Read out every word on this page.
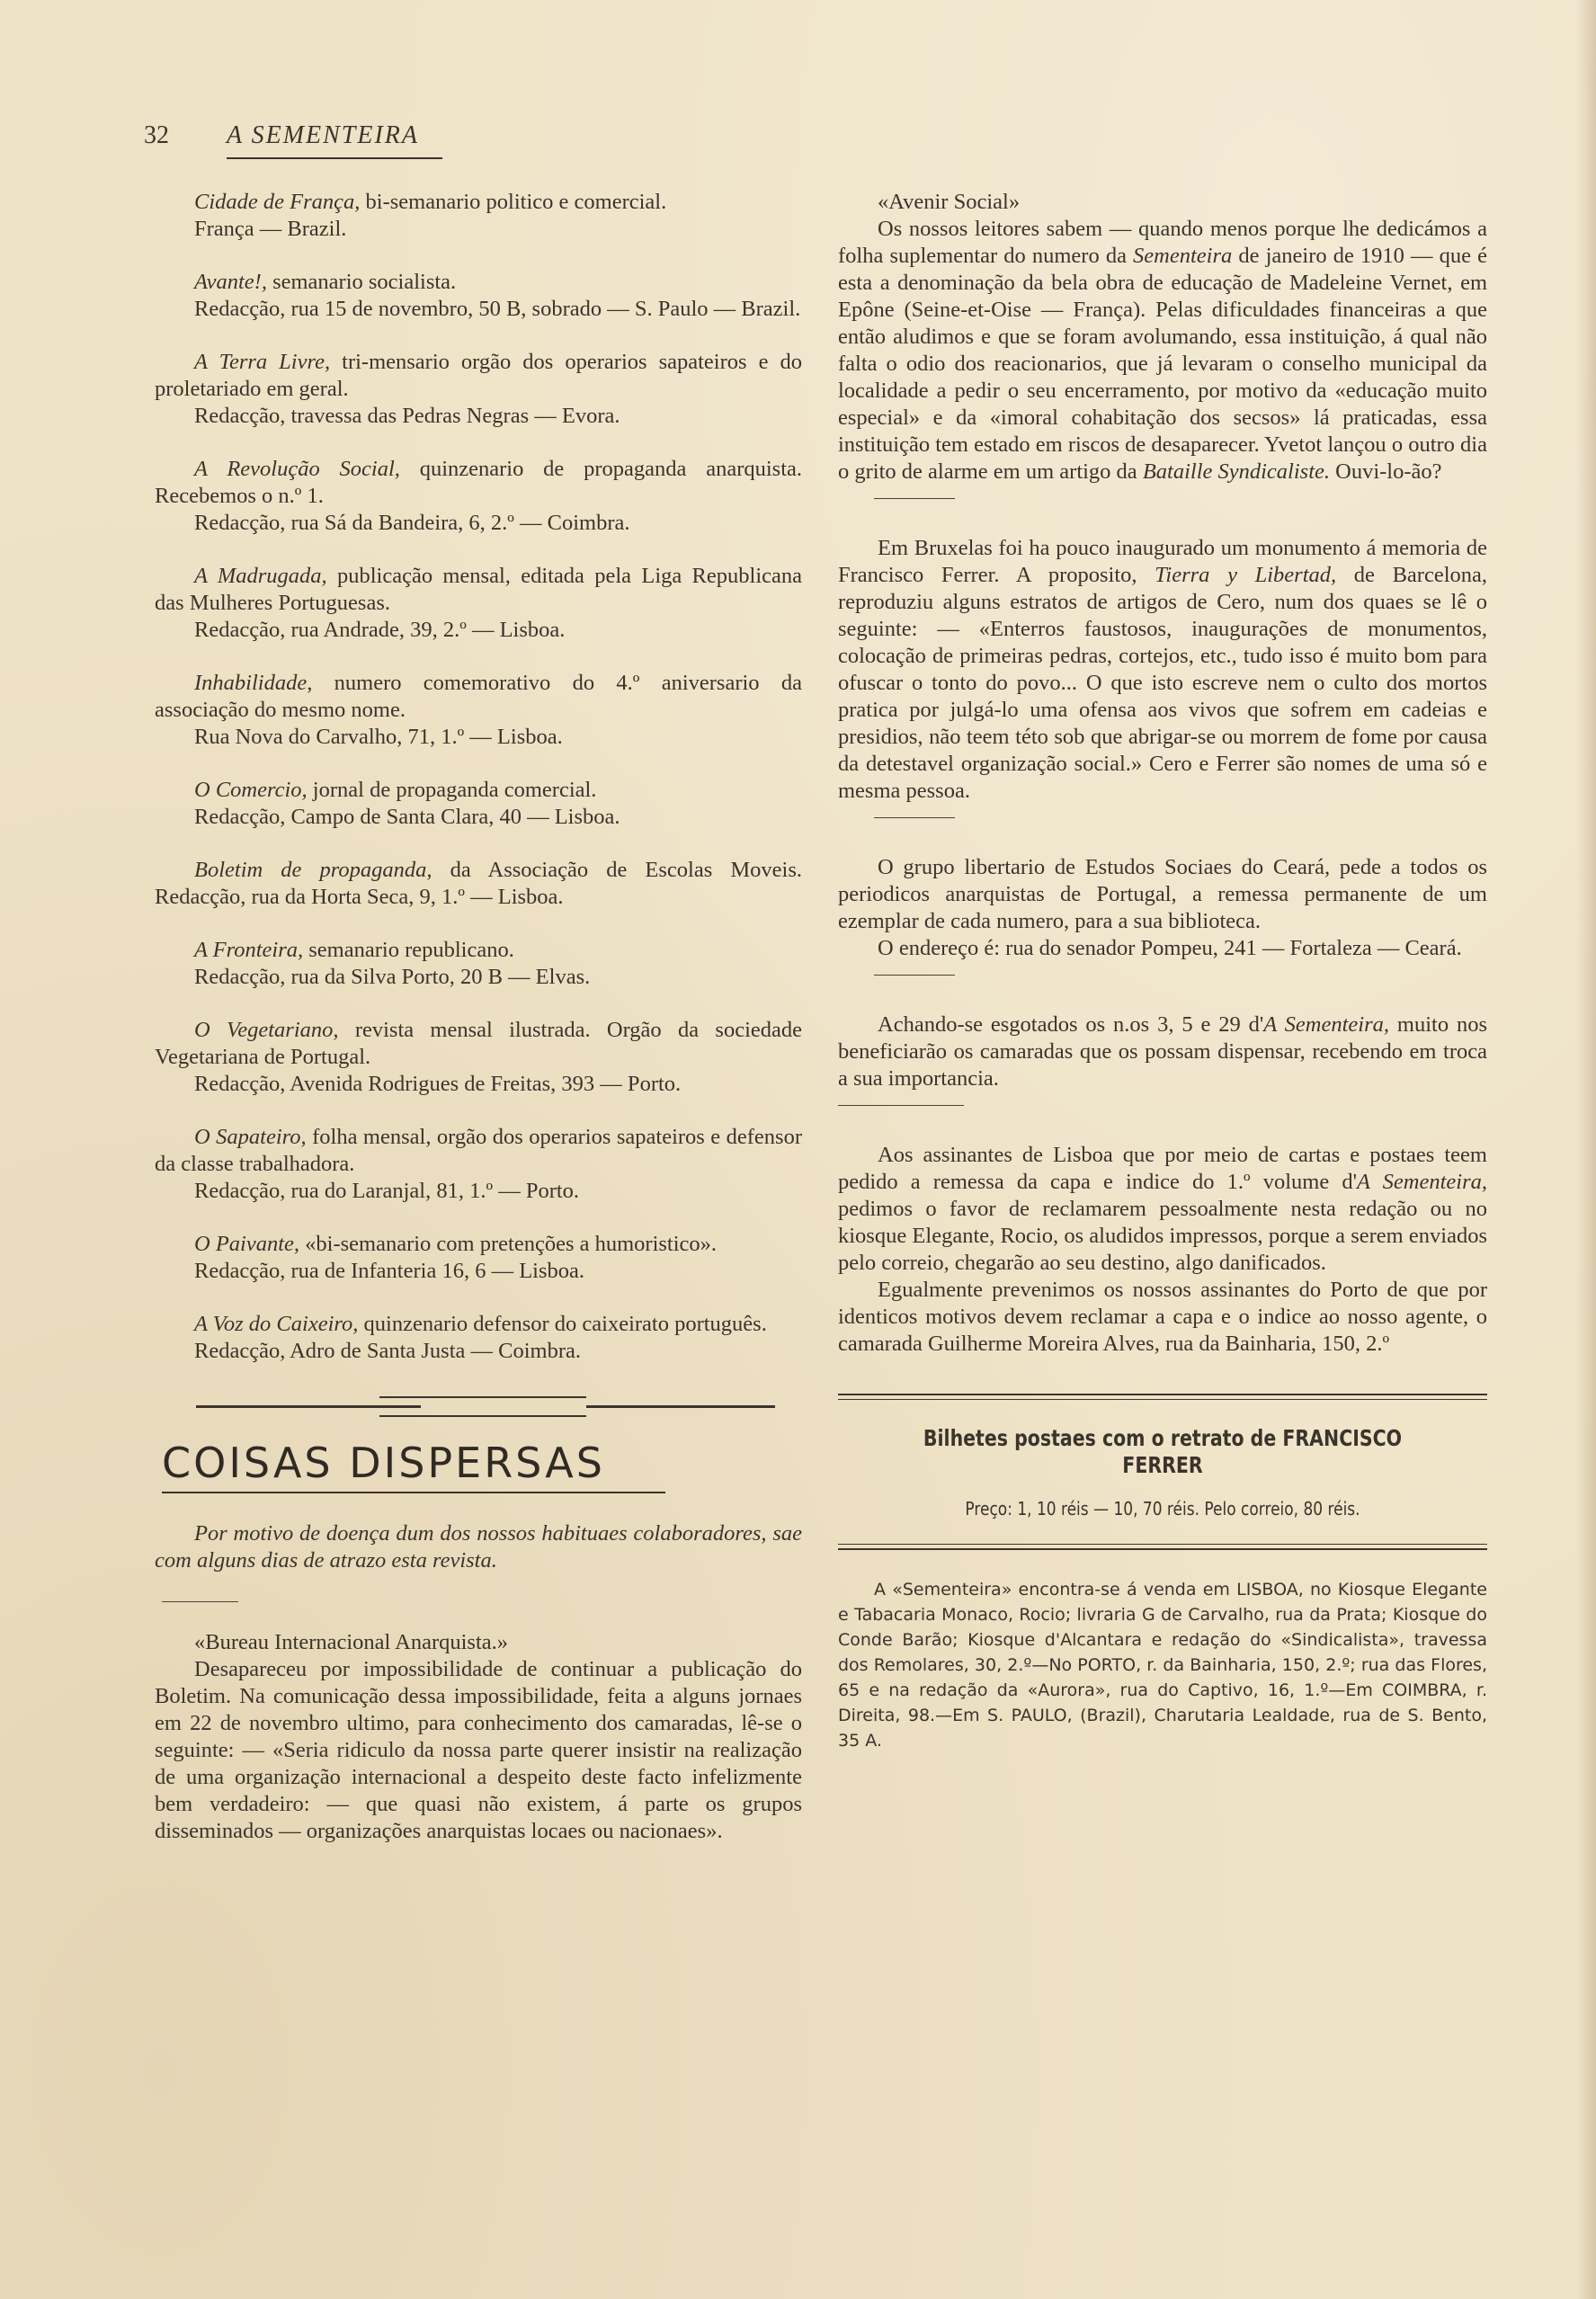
32 A SEMENTEIRA

Cidade de França, bi-semanario politico e comercial.

França — Brazil.

Avante!, semanario socialista.

Redacção, rua 15 de novembro, 50 B, sobrado — S. Paulo — Brazil.

A Terra Livre, tri-mensario orgão dos operarios sapateiros e do proletariado em geral.

Redacção, travessa das Pedras Negras — Evora.

A Revolução Social, quinzenario de propaganda anarquista. Recebemos o n.º 1.

Redacção, rua Sá da Bandeira, 6, 2.º — Coimbra.

A Madrugada, publicação mensal, editada pela Liga Republicana das Mulheres Portuguesas.

Redacção, rua Andrade, 39, 2.º — Lisboa.

Inhabilidade, numero comemorativo do 4.º aniversario da associação do mesmo nome.

Rua Nova do Carvalho, 71, 1.º — Lisboa.

O Comercio, jornal de propaganda comercial.

Redacção, Campo de Santa Clara, 40 — Lisboa.

Boletim de propaganda, da Associação de Escolas Moveis. Redacção, rua da Horta Seca, 9, 1.º — Lisboa.

A Fronteira, semanario republicano.

Redacção, rua da Silva Porto, 20 B — Elvas.

O Vegetariano, revista mensal ilustrada. Orgão da sociedade Vegetariana de Portugal.

Redacção, Avenida Rodrigues de Freitas, 393 — Porto.

O Sapateiro, folha mensal, orgão dos operarios sapateiros e defensor da classe trabalhadora.

Redacção, rua do Laranjal, 81, 1.º — Porto.

O Paivante, «bi-semanario com pretenções a humoristico».

Redacção, rua de Infanteria 16, 6 — Lisboa.

A Voz do Caixeiro, quinzenario defensor do caixeirato português.

Redacção, Adro de Santa Justa — Coimbra.

COISAS DISPERSAS

Por motivo de doença dum dos nossos habituaes colaboradores, sae com alguns dias de atrazo esta revista.

«Bureau Internacional Anarquista.»

Desapareceu por impossibilidade de continuar a publicação do Boletim. Na comunicação dessa impossibilidade, feita a alguns jornaes em 22 de novembro ultimo, para conhecimento dos camaradas, lê-se o seguinte: — «Seria ridiculo da nossa parte querer insistir na realização de uma organização internacional a despeito deste facto infelizmente bem verdadeiro: — que quasi não existem, á parte os grupos disseminados — organizações anarquistas locaes ou nacionaes».

«Avenir Social»

Os nossos leitores sabem — quando menos porque lhe dedicámos a folha suplementar do numero da Sementeira de janeiro de 1910 — que é esta a denominação da bela obra de educação de Madeleine Vernet, em Epône (Seine-et-Oise — França). Pelas dificuldades financeiras a que então aludimos e que se foram avolumando, essa instituição, á qual não falta o odio dos reacionarios, que já levaram o conselho municipal da localidade a pedir o seu encerramento, por motivo da «educação muito especial» e da «imoral cohabitação dos secsos» lá praticadas, essa instituição tem estado em riscos de desaparecer. Yvetot lançou o outro dia o grito de alarme em um artigo da Bataille Syndicaliste. Ouvi-lo-ão?

Em Bruxelas foi ha pouco inaugurado um monumento á memoria de Francisco Ferrer. A proposito, Tierra y Libertad, de Barcelona, reproduziu alguns estratos de artigos de Cero, num dos quaes se lê o seguinte: — «Enterros faustosos, inaugurações de monumentos, colocação de primeiras pedras, cortejos, etc., tudo isso é muito bom para ofuscar o tonto do povo... O que isto escreve nem o culto dos mortos pratica por julgá-lo uma ofensa aos vivos que sofrem em cadeias e presidios, não teem této sob que abrigar-se ou morrem de fome por causa da detestavel organização social.» Cero e Ferrer são nomes de uma só e mesma pessoa.

O grupo libertario de Estudos Sociaes do Ceará, pede a todos os periodicos anarquistas de Portugal, a remessa permanente de um ezemplar de cada numero, para a sua biblioteca.

O endereço é: rua do senador Pompeu, 241 — Fortaleza — Ceará.

Achando-se esgotados os n.os 3, 5 e 29 d'A Sementeira, muito nos beneficiarão os camaradas que os possam dispensar, recebendo em troca a sua importancia.

Aos assinantes de Lisboa que por meio de cartas e postaes teem pedido a remessa da capa e indice do 1.º volume d'A Sementeira, pedimos o favor de reclamarem pessoalmente nesta redação ou no kiosque Elegante, Rocio, os aludidos impressos, porque a serem enviados pelo correio, chegarão ao seu destino, algo danificados.

Egualmente prevenimos os nossos assinantes do Porto de que por identicos motivos devem reclamar a capa e o indice ao nosso agente, o camarada Guilherme Moreira Alves, rua da Bainharia, 150, 2.º

Bilhetes postaes com o retrato de FRANCISCO FERRER
Preço: 1, 10 réis — 10, 70 réis. Pelo correio, 80 réis.

A «Sementeira» encontra-se á venda em LISBOA, no Kiosque Elegante e Tabacaria Monaco, Rocio; livraria G de Carvalho, rua da Prata; Kiosque do Conde Barão; Kiosque d'Alcantara e redação do «Sindicalista», travessa dos Remolares, 30, 2.º—No PORTO, r. da Bainharia, 150, 2.º; rua das Flores, 65 e na redação da «Aurora», rua do Captivo, 16, 1.º—Em COIMBRA, r. Direita, 98.—Em S. PAULO, (Brazil), Charutaria Lealdade, rua de S. Bento, 35 A.
